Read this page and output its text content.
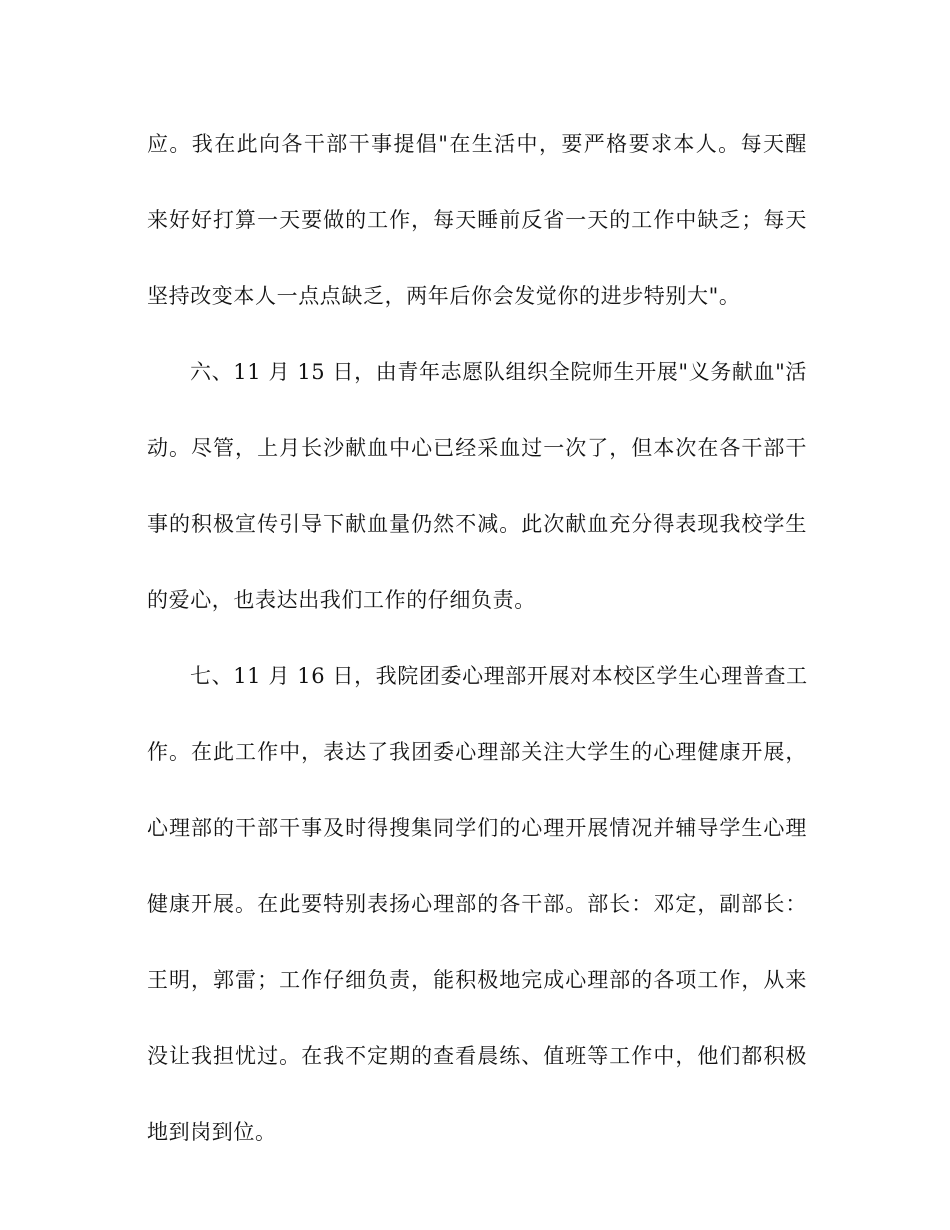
应。我在此向各干部干事提倡"在生活中，要严格要求本人。每天醒
来好好打算一天要做的工作，每天睡前反省一天的工作中缺乏；每天
坚持改变本人一点点缺乏，两年后你会发觉你的进步特别大"。
六、11 月 15 日，由青年志愿队组织全院师生开展"义务献血"活
动。尽管，上月长沙献血中心已经采血过一次了，但本次在各干部干
事的积极宣传引导下献血量仍然不减。此次献血充分得表现我校学生
的爱心，也表达出我们工作的仔细负责。
七、11 月 16 日，我院团委心理部开展对本校区学生心理普查工
作。在此工作中，表达了我团委心理部关注大学生的心理健康开展，
心理部的干部干事及时得搜集同学们的心理开展情况并辅导学生心理
健康开展。在此要特别表扬心理部的各干部。部长：邓定，副部长：
王明，郭雷；工作仔细负责，能积极地完成心理部的各项工作，从来
没让我担忧过。在我不定期的查看晨练、值班等工作中，他们都积极
地到岗到位。
